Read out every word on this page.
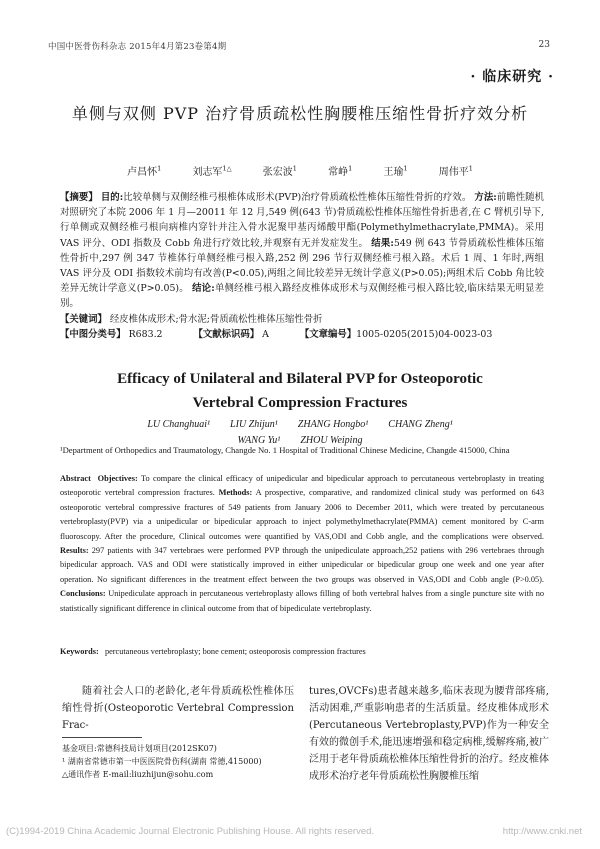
中国中医骨伤科杂志 2015年4月第23卷第4期	23
· 临床研究 ·
单侧与双侧 PVP 治疗骨质疏松性胸腰椎压缩性骨折疗效分析
卢昌怀$^1$	刘志军$^{1\triangle}$	张宏波$^1$	常峥$^1$	王瑜$^1$	周伟平$^1$

【摘要】 目的:比较单侧与双侧经椎弓根椎体成形术(PVP)治疗骨质疏松性椎体压缩性骨折的疗效。 方法:前瞻性随机对照研究了本院 2006 年 1 月—20011 年 12 月,549 例(643 节)骨质疏松性椎体压缩性骨折患者,在 C 臂机引导下,行单侧或双侧经椎弓根向病椎内穿针并注入骨水泥聚甲基丙烯酸甲酯(Polymethylmethacrylate,PMMA)。采用 VAS 评分、ODI 指数及 Cobb 角进行疗效比较,并观察有无并发症发生。 结果:549 例 643 节骨质疏松性椎体压缩性骨折中,297 例 347 节椎体行单侧经椎弓根入路,252 例 296 节行双侧经椎弓根入路。术后 1 周、1 年时,两组 VAS 评分及 ODI 指数较术前均有改善(P<0.05),两组之间比较差异无统计学意义(P>0.05);两组术后 Cobb 角比较差异无统计学意义(P>0.05)。 结论:单侧经椎弓根入路经皮椎体成形术与双侧经椎弓根入路比较,临床结果无明显差别。

【关键词】 经皮椎体成形术;骨水泥;骨质疏松性椎体压缩性骨折

【中图分类号】 R683.2	【文献标识码】 A	【文章编号】1005-0205(2015)04-0023-03

Efficacy of Unilateral and Bilateral PVP for Osteoporotic
Vertebral Compression Fractures
LU Changhuai¹ LIU Zhijun¹ ZHANG Hongbo¹ CHANG Zheng¹
WANG Yu¹ ZHOU Weiping
¹Department of Orthopedics and Traumatology, Changde No. 1 Hospital of Traditional Chinese Medicine, Changde 415000, China

Abstract Objectives: To compare the clinical efficacy of unipedicular and bipedicular approach to percutaneous vertebroplasty in treating osteoporotic vertebral compression fractures. Methods: A prospective, comparative, and randomized clinical study was performed on 643 osteoporotic vertebral compressive fractures of 549 patients from January 2006 to December 2011, which were treated by percutaneous vertebroplasty(PVP) via a unipedicular or bipedicular approach to inject polymethylmethacrylate(PMMA) cement monitored by C-arm fluoroscopy. After the procedure, Clinical outcomes were quantified by VAS,ODI and Cobb angle, and the complications were observed. Results: 297 patients with 347 vertebraes were performed PVP through the unipediculate approach,252 patiens with 296 vertebraes through bipedicular approach. VAS and ODI were statistically improved in either unipedicular or bipedicular group one week and one year after operation. No significant differences in the treatment effect between the two groups was observed in VAS,ODI and Cobb angle (P>0.05). Conclusions: Unipediculate approach in percutaneous vertebroplasty allows filling of both vertebral halves from a single puncture site with no statistically significant difference in clinical outcome from that of bipediculate vertebroplasty.

Keywords: percutaneous vertebroplasty; bone cement; osteoporosis compression fractures

随着社会人口的老龄化,老年骨质疏松性椎体压缩性骨折(Osteoporotic Vertebral Compression Frac-

tures,OVCFs)患者越来越多,临床表现为腰背部疼痛,活动困难,严重影响患者的生活质量。经皮椎体成形术(Percutaneous Vertebroplasty,PVP)作为一种安全有效的微创手术,能迅速增强和稳定病椎,缓解疼痛,被广泛用于老年骨质疏松椎体压缩性骨折的治疗。经皮椎体成形术治疗老年骨质疏松性胸腰椎压缩

基金项目:常德科技局计划项目(2012SK07)

¹ 湖南省常德市第一中医医院骨伤科(湖南 常德,415000)

△通讯作者 E-mail:liuzhijun@sohu.com

(C)1994-2019 China Academic Journal Electronic Publishing House. All rights reserved.	http://www.cnki.net
